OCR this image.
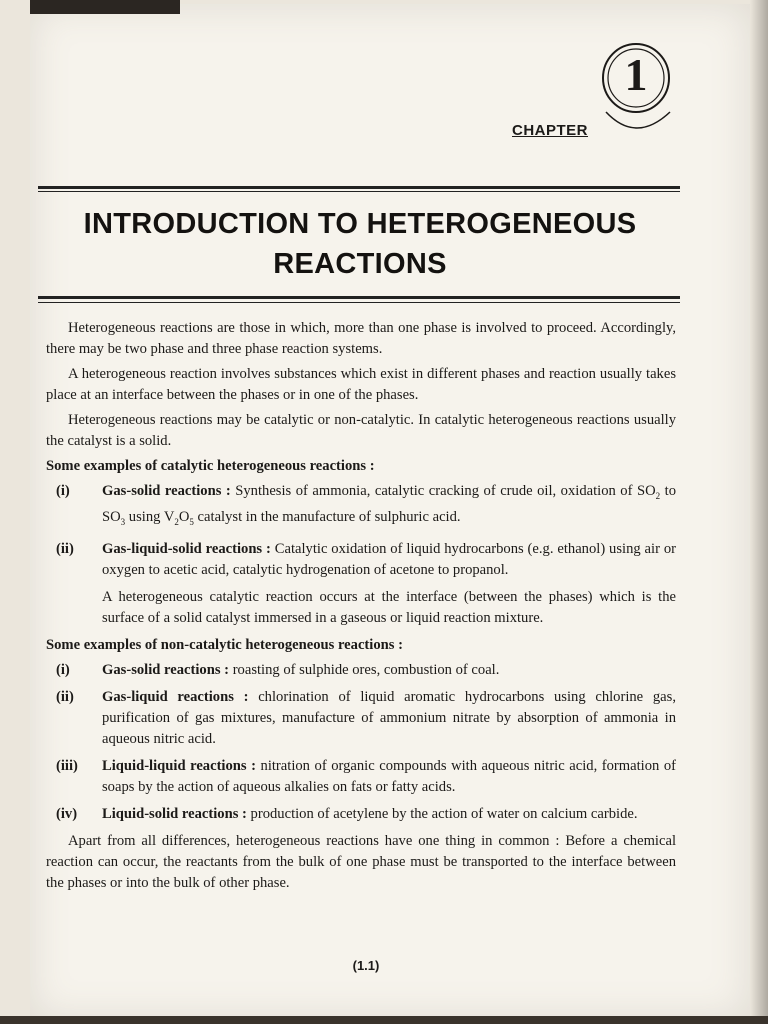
1
CHAPTER
INTRODUCTION TO HETEROGENEOUS
REACTIONS

Heterogeneous reactions are those in which, more than one phase is involved to proceed. Accordingly, there may be two phase and three phase reaction systems.

A heterogeneous reaction involves substances which exist in different phases and reaction usually takes place at an interface between the phases or in one of the phases.

Heterogeneous reactions may be catalytic or non-catalytic. In catalytic heterogeneous reactions usually the catalyst is a solid.

Some examples of catalytic heterogeneous reactions :

(i)	Gas-solid reactions : Synthesis of ammonia, catalytic cracking of crude oil, oxidation of $SO_2$ to $SO_3$ using $V_2O_5$ catalyst in the manufacture of sulphuric acid.
(ii)	Gas-liquid-solid reactions : Catalytic oxidation of liquid hydrocarbons (e.g. ethanol) using air or oxygen to acetic acid, catalytic hydrogenation of acetone to propanol.
A heterogeneous catalytic reaction occurs at the interface (between the phases) which is the surface of a solid catalyst immersed in a gaseous or liquid reaction mixture.

Some examples of non-catalytic heterogeneous reactions :

(i)	Gas-solid reactions : roasting of sulphide ores, combustion of coal.
(ii)	Gas-liquid reactions : chlorination of liquid aromatic hydrocarbons using chlorine gas, purification of gas mixtures, manufacture of ammonium nitrate by absorption of ammonia in aqueous nitric acid.
(iii)	Liquid-liquid reactions : nitration of organic compounds with aqueous nitric acid, formation of soaps by the action of aqueous alkalies on fats or fatty acids.
(iv)	Liquid-solid reactions : production of acetylene by the action of water on calcium carbide.

Apart from all differences, heterogeneous reactions have one thing in common : Before a chemical reaction can occur, the reactants from the bulk of one phase must be transported to the interface between the phases or into the bulk of other phase.

(1.1)
